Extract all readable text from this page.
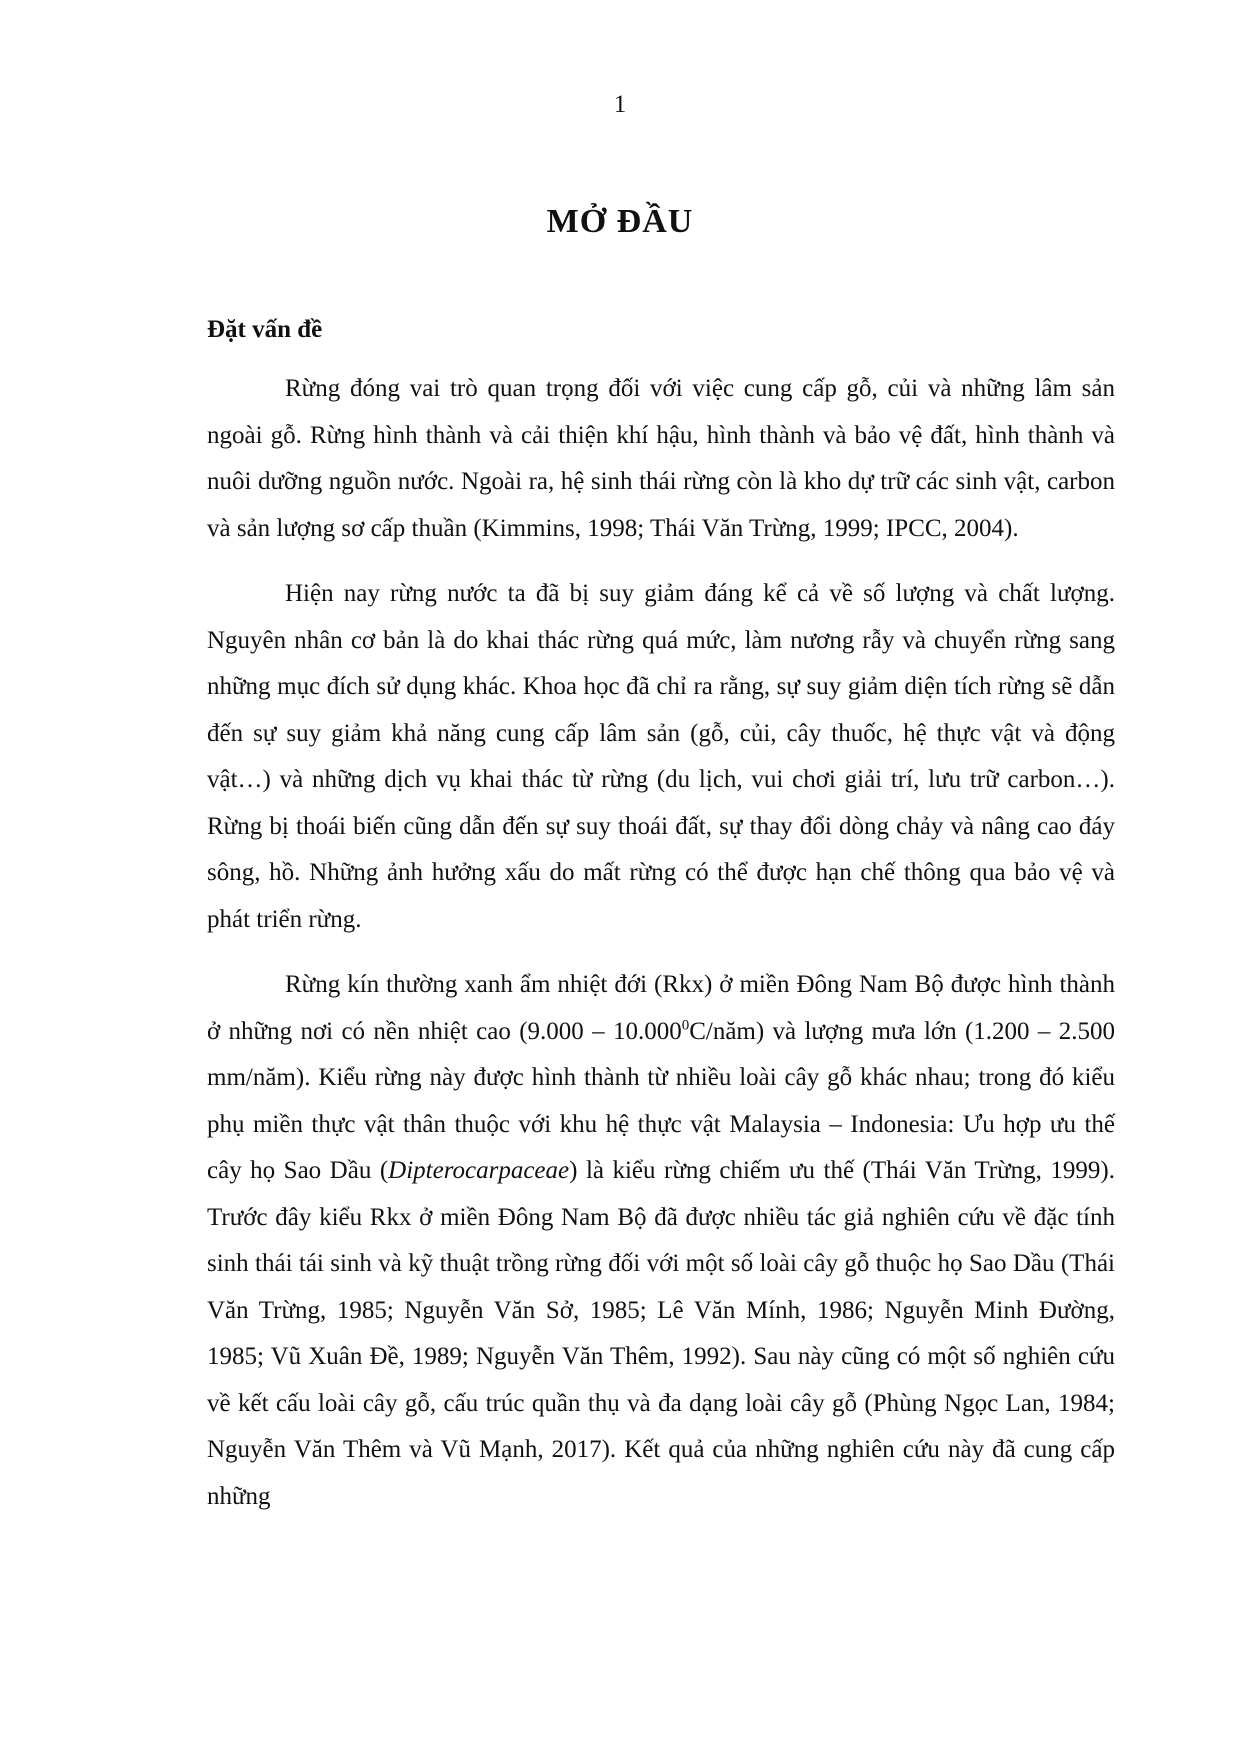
1
MỞ ĐẦU
Đặt vấn đề

Rừng đóng vai trò quan trọng đối với việc cung cấp gỗ, củi và những lâm sản ngoài gỗ. Rừng hình thành và cải thiện khí hậu, hình thành và bảo vệ đất, hình thành và nuôi dưỡng nguồn nước. Ngoài ra, hệ sinh thái rừng còn là kho dự trữ các sinh vật, carbon và sản lượng sơ cấp thuần (Kimmins, 1998; Thái Văn Trừng, 1999; IPCC, 2004).

Hiện nay rừng nước ta đã bị suy giảm đáng kể cả về số lượng và chất lượng. Nguyên nhân cơ bản là do khai thác rừng quá mức, làm nương rẫy và chuyển rừng sang những mục đích sử dụng khác. Khoa học đã chỉ ra rằng, sự suy giảm diện tích rừng sẽ dẫn đến sự suy giảm khả năng cung cấp lâm sản (gỗ, củi, cây thuốc, hệ thực vật và động vật…) và những dịch vụ khai thác từ rừng (du lịch, vui chơi giải trí, lưu trữ carbon…). Rừng bị thoái biến cũng dẫn đến sự suy thoái đất, sự thay đổi dòng chảy và nâng cao đáy sông, hồ. Những ảnh hưởng xấu do mất rừng có thể được hạn chế thông qua bảo vệ và phát triển rừng.

Rừng kín thường xanh ẩm nhiệt đới (Rkx) ở miền Đông Nam Bộ được hình thành ở những nơi có nền nhiệt cao (9.000 – 10.000$^0$C/năm) và lượng mưa lớn (1.200 – 2.500 mm/năm). Kiểu rừng này được hình thành từ nhiều loài cây gỗ khác nhau; trong đó kiểu phụ miền thực vật thân thuộc với khu hệ thực vật Malaysia – Indonesia: Ưu hợp ưu thế cây họ Sao Dầu (Dipterocarpaceae) là kiểu rừng chiếm ưu thế (Thái Văn Trừng, 1999). Trước đây kiểu Rkx ở miền Đông Nam Bộ đã được nhiều tác giả nghiên cứu về đặc tính sinh thái tái sinh và kỹ thuật trồng rừng đối với một số loài cây gỗ thuộc họ Sao Dầu (Thái Văn Trừng, 1985; Nguyễn Văn Sở, 1985; Lê Văn Mính, 1986; Nguyễn Minh Đường, 1985; Vũ Xuân Đề, 1989; Nguyễn Văn Thêm, 1992). Sau này cũng có một số nghiên cứu về kết cấu loài cây gỗ, cấu trúc quần thụ và đa dạng loài cây gỗ (Phùng Ngọc Lan, 1984; Nguyễn Văn Thêm và Vũ Mạnh, 2017). Kết quả của những nghiên cứu này đã cung cấp những
